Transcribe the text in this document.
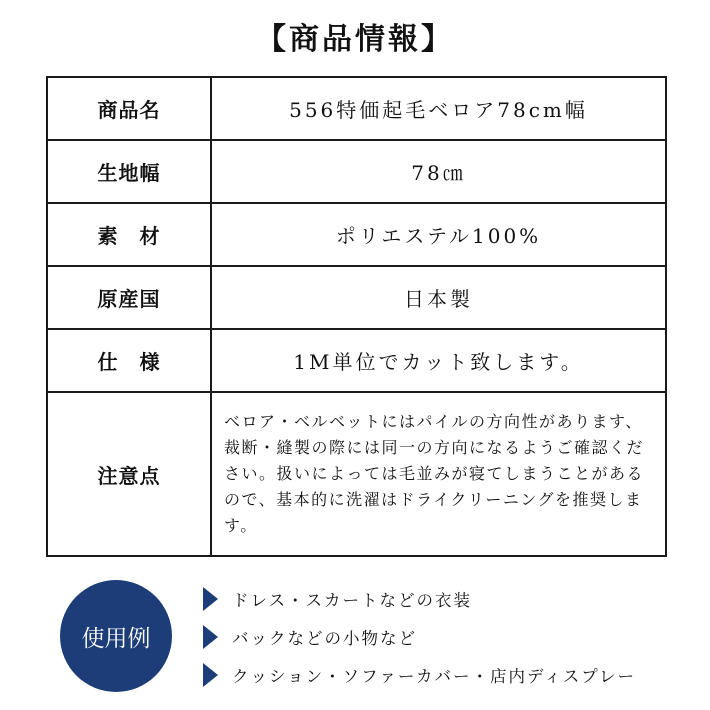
【商品情報】
商品名	556特価起毛ベロア78cm幅
生地幅	78㎝
素　材	ポリエステル100%
原産国	日本製
仕　様	1M単位でカット致します。
注意点	ベロア・ベルベットにはパイルの方向性があります、裁断・縫製の際には同一の方向になるようご確認ください。扱いによっては毛並みが寝てしまうことがあるので、基本的に洗濯はドライクリーニングを推奨します。
使用例
ドレス・スカートなどの衣装
バックなどの小物など
クッション・ソファーカバー・店内ディスプレー
